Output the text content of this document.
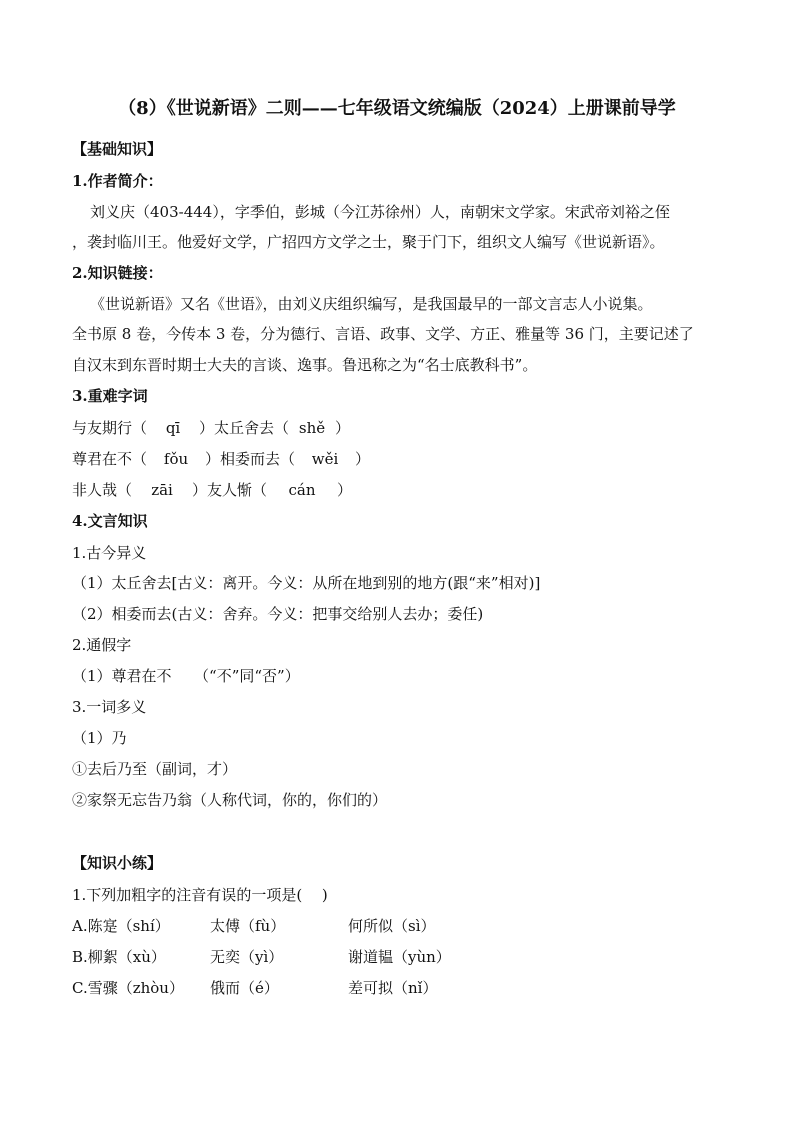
（8）《世说新语》二则——七年级语文统编版（2024）上册课前导学
【基础知识】
1.作者简介：
刘义庆（403-444），字季伯，彭城（今江苏徐州）人，南朝宋文学家。宋武帝刘裕之侄
，袭封临川王。他爱好文学，广招四方文学之士，聚于门下，组织文人编写《世说新语》。
2.知识链接：
《世说新语》又名《世语》，由刘义庆组织编写，是我国最早的一部文言志人小说集。
全书原 8 卷，今传本 3 卷，分为德行、言语、政事、文学、方正、雅量等 36 门，主要记述了
自汉末到东晋时期士大夫的言谈、逸事。鲁迅称之为“名士底教科书”。
3.重难字词
与友期行（ qī ）太丘舍去（ shě ）
尊君在不（ fǒu ）相委而去（ wěi ）
非人哉（ zāi ）友人惭（ cán ）
4.文言知识
1.古今异义
（1）太丘舍去[古义：离开。今义：从所在地到别的地方(跟“来”相对)]
（2）相委而去(古义：舍弃。今义：把事交给别人去办；委任)
2.通假字
（1）尊君在不　　（“不”同“否”）
3.一词多义
（1）乃
①去后乃至（副词，才）
②家祭无忘告乃翁（人称代词，你的，你们的）
【知识小练】
1.下列加粗字的注音有误的一项是(　 )
A.陈寔（shí）	太傅（fù）	何所似（sì）
B.柳絮（xù）	无奕（yì）	谢道韫（yùn）
C.雪骤（zhòu） 俄而（é）	差可拟（nǐ）
